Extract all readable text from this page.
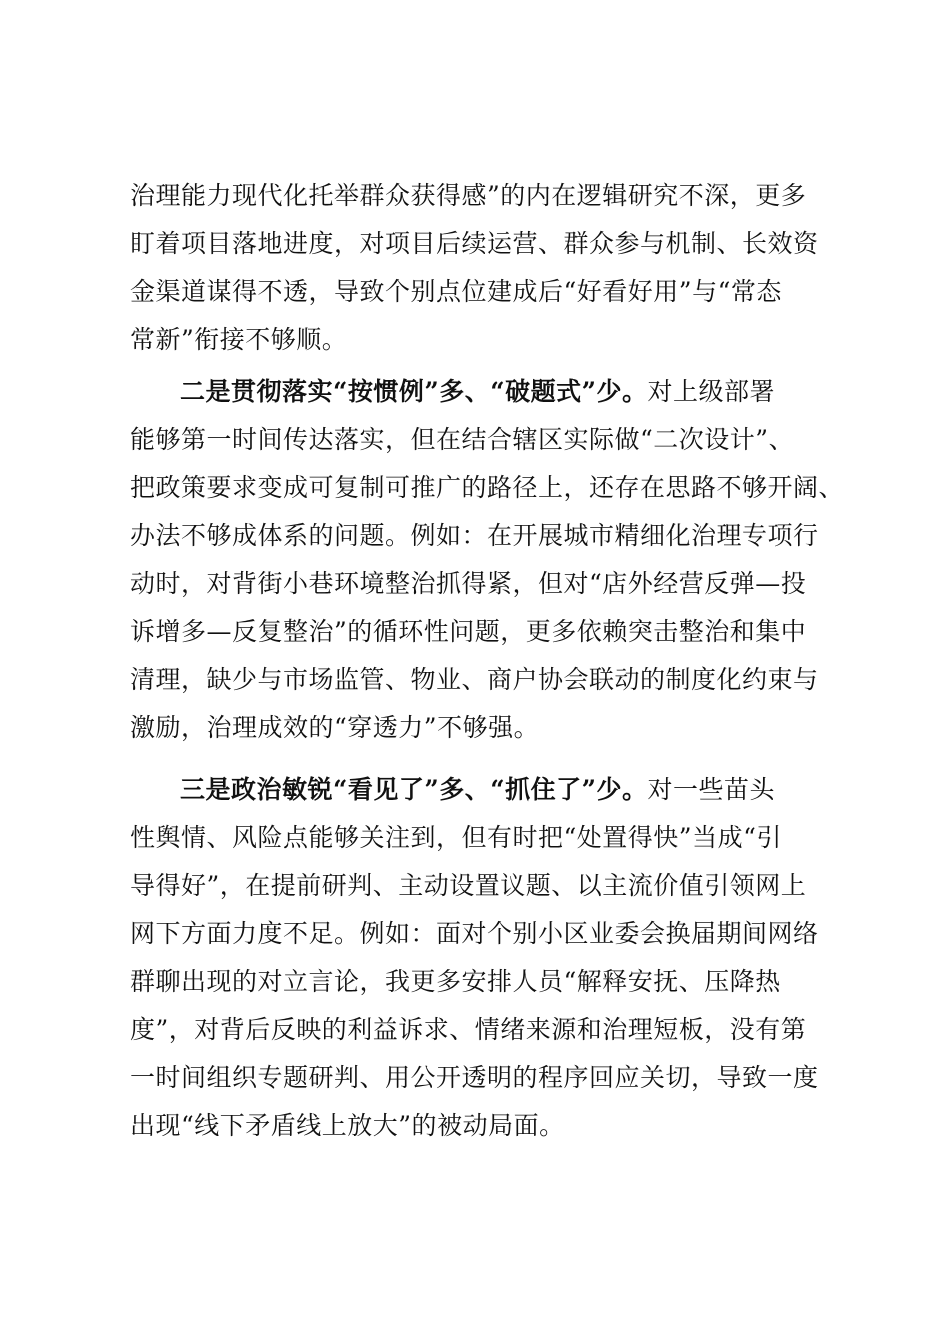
治理能力现代化托举群众获得感”的内在逻辑研究不深，更多
盯着项目落地进度，对项目后续运营、群众参与机制、长效资
金渠道谋得不透，导致个别点位建成后“好看好用”与“常态
常新”衔接不够顺。
二是贯彻落实“按惯例”多、“破题式”少。对上级部署
能够第一时间传达落实，但在结合辖区实际做“二次设计”、
把政策要求变成可复制可推广的路径上，还存在思路不够开阔、
办法不够成体系的问题。例如：在开展城市精细化治理专项行
动时，对背街小巷环境整治抓得紧，但对“店外经营反弹—投
诉增多—反复整治”的循环性问题，更多依赖突击整治和集中
清理，缺少与市场监管、物业、商户协会联动的制度化约束与
激励，治理成效的“穿透力”不够强。
三是政治敏锐“看见了”多、“抓住了”少。对一些苗头
性舆情、风险点能够关注到，但有时把“处置得快”当成“引
导得好”，在提前研判、主动设置议题、以主流价值引领网上
网下方面力度不足。例如：面对个别小区业委会换届期间网络
群聊出现的对立言论，我更多安排人员“解释安抚、压降热
度”，对背后反映的利益诉求、情绪来源和治理短板，没有第
一时间组织专题研判、用公开透明的程序回应关切，导致一度
出现“线下矛盾线上放大”的被动局面。
